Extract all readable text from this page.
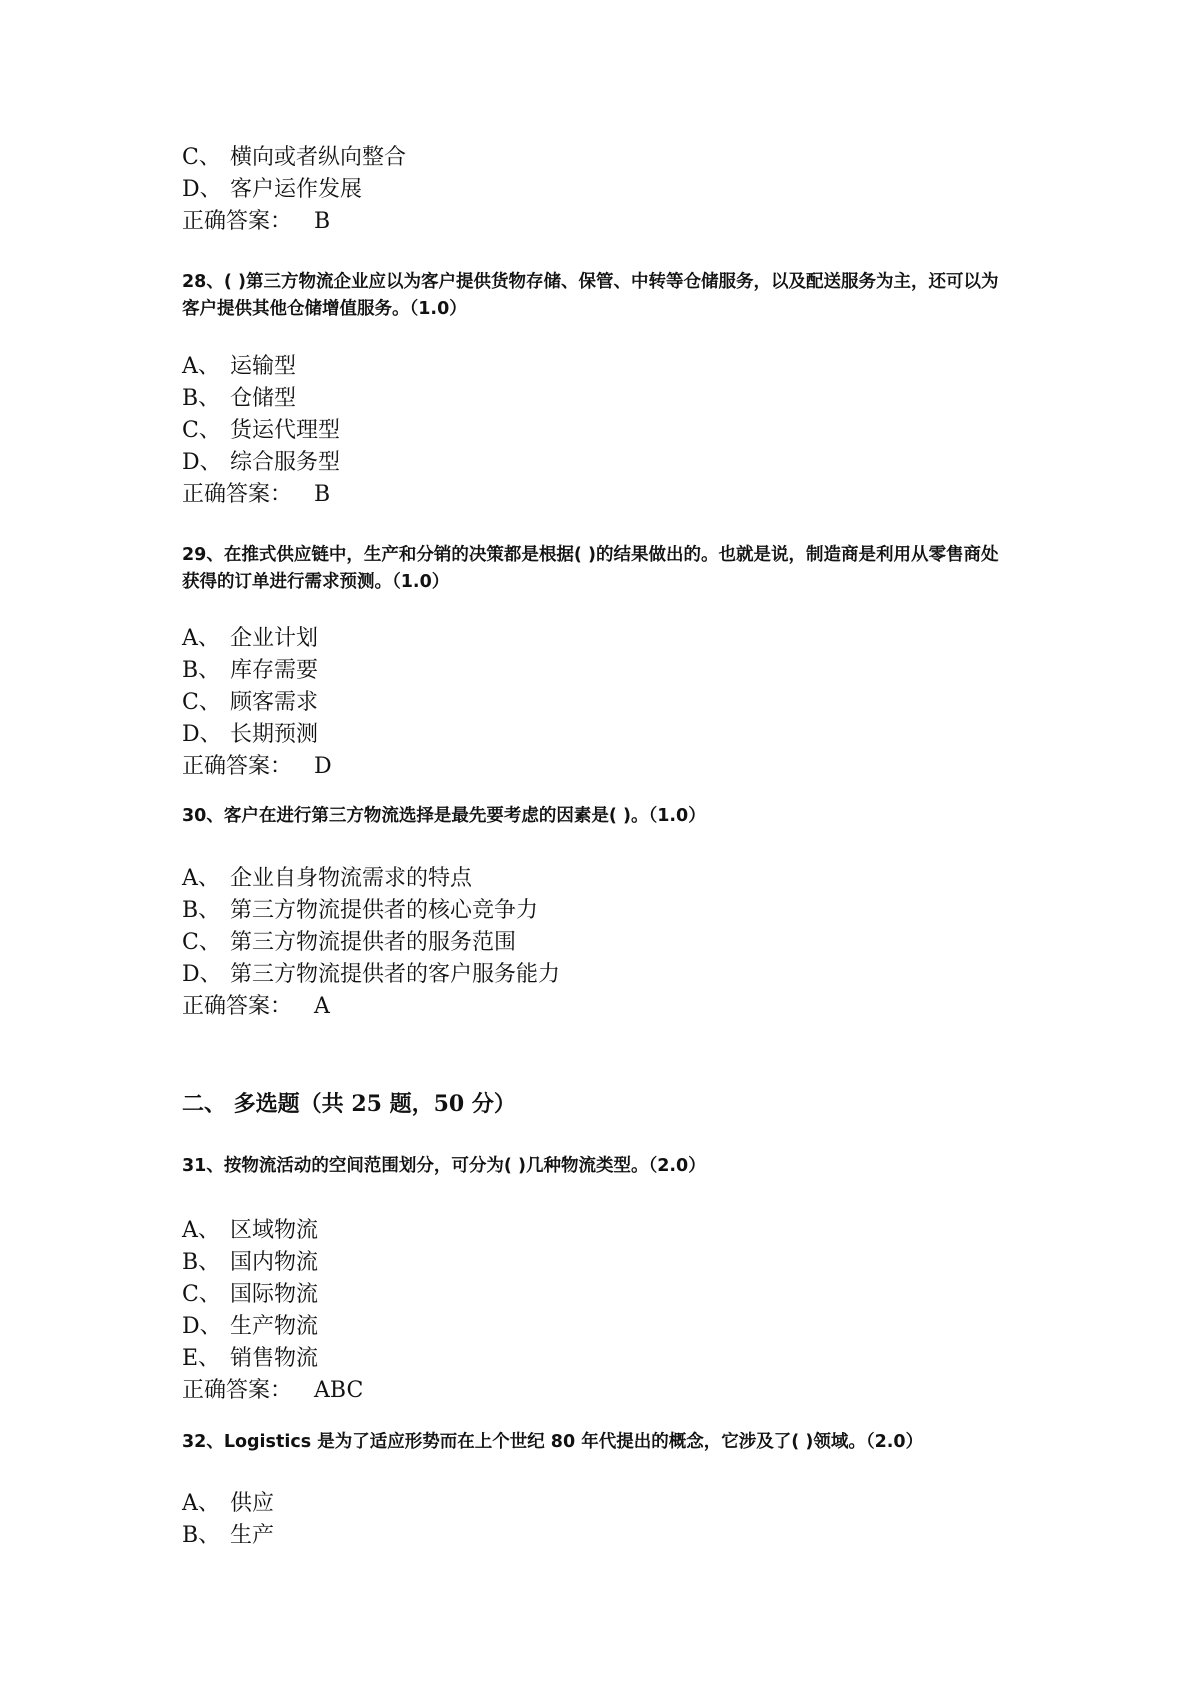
C、 横向或者纵向整合
D、 客户运作发展
正确答案： B
28、( )第三方物流企业应以为客户提供货物存储、保管、中转等仓储服务，以及配送服务为主，还可以为客户提供其他仓储增值服务。（1.0）
A、 运输型
B、 仓储型
C、 货运代理型
D、 综合服务型
正确答案： B
29、在推式供应链中，生产和分销的决策都是根据( )的结果做出的。也就是说，制造商是利用从零售商处获得的订单进行需求预测。（1.0）
A、 企业计划
B、 库存需要
C、 顾客需求
D、 长期预测
正确答案： D
30、客户在进行第三方物流选择是最先要考虑的因素是( )。（1.0）
A、 企业自身物流需求的特点
B、 第三方物流提供者的核心竞争力
C、 第三方物流提供者的服务范围
D、 第三方物流提供者的客户服务能力
正确答案： A
二、 多选题（共 25 题，50 分）
31、按物流活动的空间范围划分，可分为( )几种物流类型。（2.0）
A、 区域物流
B、 国内物流
C、 国际物流
D、 生产物流
E、 销售物流
正确答案： ABC
32、Logistics 是为了适应形势而在上个世纪 80 年代提出的概念，它涉及了( )领域。（2.0）
A、 供应
B、 生产
